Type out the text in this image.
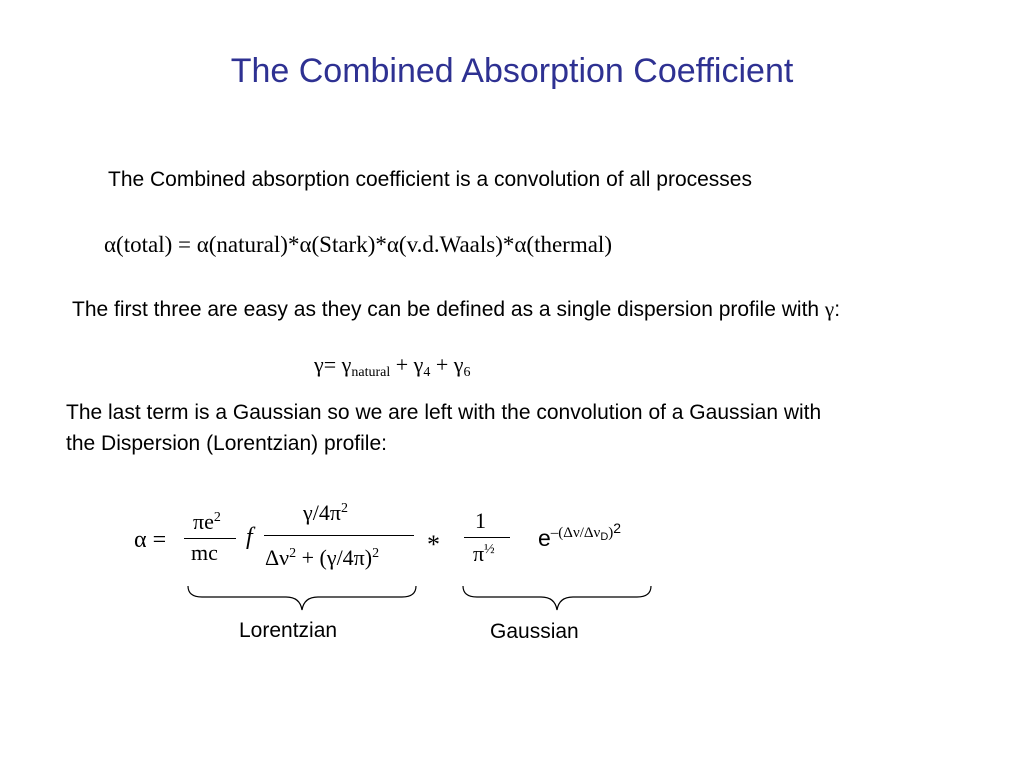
The Combined Absorption Coefficient
The Combined absorption coefficient is a convolution of all processes
α(total) = α(natural)*α(Stark)*α(v.d.Waals)*α(thermal)
The first three are easy as they can be defined as a single dispersion profile with γ:
$\gamma= \gamma_{natural} + \gamma_4 + \gamma_6$
The last term is a Gaussian so we are left with the convolution of a Gaussian with
the Dispersion (Lorentzian) profile:
α =
$\pi e^2$
mc
f
$\gamma/4\pi^2$
$\Delta\nu^2 + (\gamma/4\pi)^2$ *
1
$\pi^{\frac{1}{2}}$ $e^{-(\Delta\nu/\Delta\nu D)2}$
Lorentzian	Gaussian
